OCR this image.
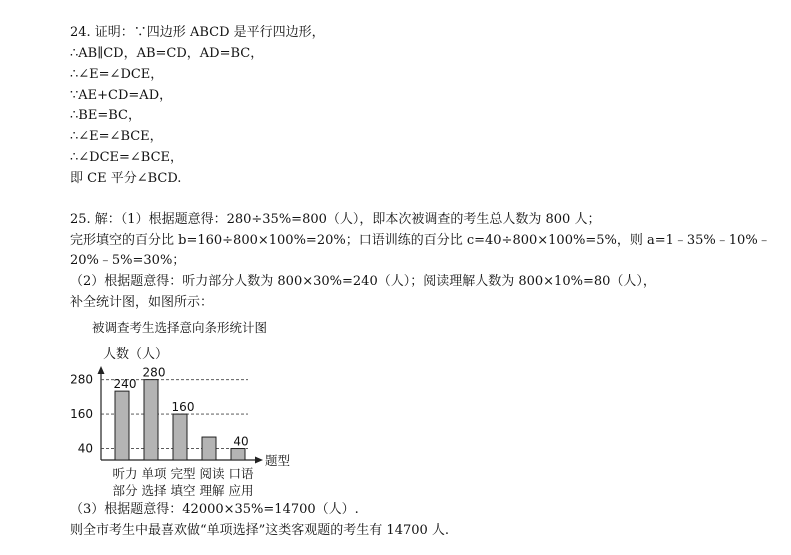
24. 证明：∵四边形 ABCD 是平行四边形，
∴AB∥CD，AB=CD，AD=BC，
∴∠E=∠DCE，
∵AE+CD=AD，
∴BE=BC，
∴∠E=∠BCE，
∴∠DCE=∠BCE，
即 CE 平分∠BCD.
25. 解：（1）根据题意得：280÷35%=800（人），即本次被调查的考生总人数为 800 人；
完形填空的百分比 b=160÷800×100%=20%；口语训练的百分比 c=40÷800×100%=5%，则 a=1﹣35%﹣10%﹣
20%﹣5%=30%；
（2）根据题意得：听力部分人数为 800×30%=240（人）；阅读理解人数为 800×10%=80（人），
补全统计图，如图所示：
被调查考生选择意向条形统计图
人数（人）
题型
40
160
280 240
听力
部分
280
单项
选择
160
完型
填空
阅读
理解
40
口语
应用
（3）根据题意得：42000×35%=14700（人）.
则全市考生中最喜欢做“单项选择”这类客观题的考生有 14700 人.
